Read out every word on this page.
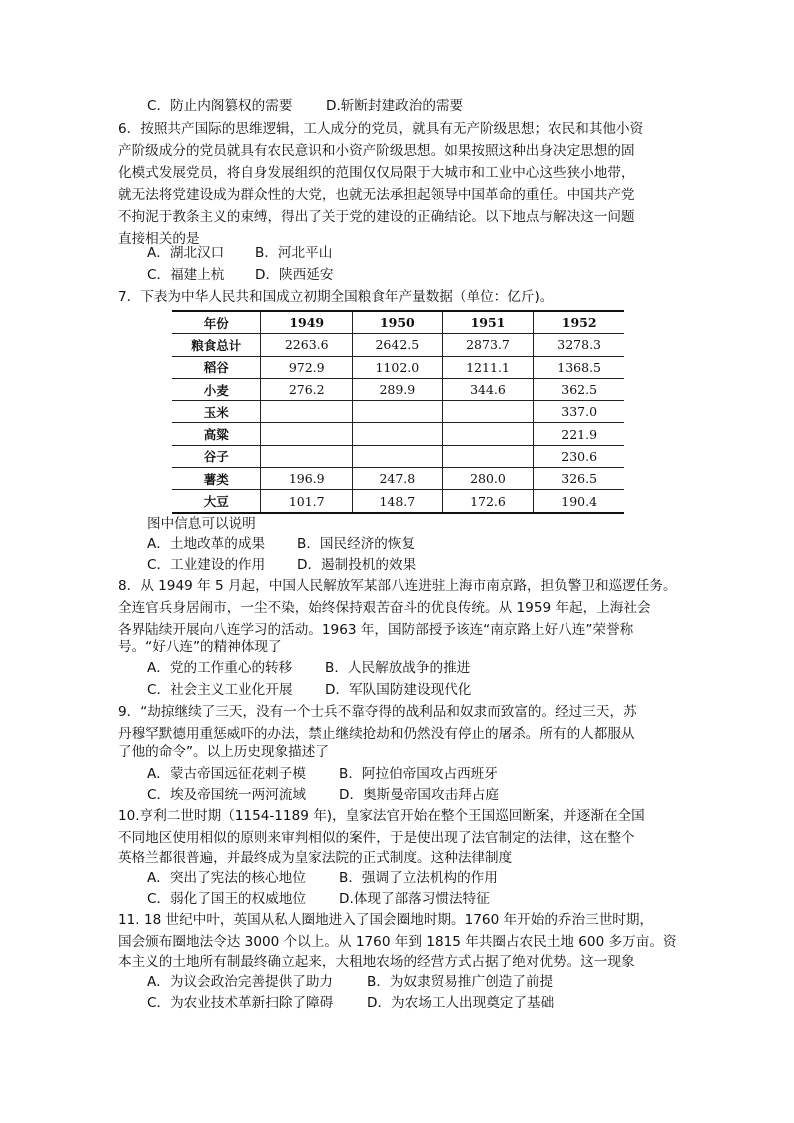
C．防止内阁篡权的需要 D.斩断封建政治的需要
6．按照共产国际的思维逻辑，工人成分的党员，就具有无产阶级思想；农民和其他小资
产阶级成分的党员就具有农民意识和小资产阶级思想。如果按照这种出身决定思想的固
化模式发展党员，将自身发展组织的范围仅仅局限于大城市和工业中心这些狭小地带，
就无法将党建设成为群众性的大党，也就无法承担起领导中国革命的重任。中国共产党
不拘泥于教条主义的束缚，得出了关于党的建设的正确结论。以下地点与解决这一问题
直接相关的是
A．湖北汉口 B．河北平山
C．福建上杭 D．陕西延安
7．下表为中华人民共和国成立初期全国粮食年产量数据（单位：亿斤)。
年份	1949	1950	1951	1952
粮食总计	2263.6	2642.5	2873.7	3278.3
稻谷	972.9	1102.0	1211.1	1368.5
小麦	276.2	289.9	344.6	362.5
玉米				337.0
高粱				221.9
谷子				230.6
薯类	196.9	247.8	280.0	326.5
大豆	101.7	148.7	172.6	190.4
图中信息可以说明
A．土地改革的成果 B．国民经济的恢复
C．工业建设的作用 D．遏制投机的效果
8．从 1949 年 5 月起，中国人民解放军某部八连进驻上海市南京路，担负警卫和巡逻任务。
全连官兵身居闹市，一尘不染，始终保持艰苦奋斗的优良传统。从 1959 年起，上海社会
各界陆续开展向八连学习的活动。1963 年，国防部授予该连“南京路上好八连”荣誉称
号。“好八连”的精神体现了
A．党的工作重心的转移 B．人民解放战争的推进
C．社会主义工业化开展 D．军队国防建设现代化
9．“劫掠继续了三天，没有一个士兵不靠夺得的战利品和奴隶而致富的。经过三天，苏
丹穆罕默德用重惩威吓的办法，禁止继续抢劫和仍然没有停止的屠杀。所有的人都服从
了他的命令”。以上历史现象描述了
A．蒙古帝国远征花剌子模 B．阿拉伯帝国攻占西班牙
C．埃及帝国统一两河流域 D．奥斯曼帝国攻击拜占庭
10.亨利二世时期（1154-1189 年)，皇家法官开始在整个王国巡回断案，并逐渐在全国
不同地区使用相似的原则来审判相似的案件，于是使出现了法官制定的法律，这在整个
英格兰都很普遍，并最终成为皇家法院的正式制度。这种法律制度
A．突出了宪法的核心地位 B．强调了立法机构的作用
C．弱化了国王的权威地位 D.体现了部落习惯法特征
11. 18 世纪中叶，英国从私人圈地进入了国会圈地时期。1760 年开始的乔治三世时期，
国会颁布圈地法令达 3000 个以上。从 1760 年到 1815 年共圈占农民土地 600 多万亩。资
本主义的土地所有制最终确立起来，大租地农场的经营方式占据了绝对优势。这一现象
A．为议会政治完善提供了助力 B．为奴隶贸易推广创造了前提
C．为农业技术革新扫除了障碍 D．为农场工人出现奠定了基础
